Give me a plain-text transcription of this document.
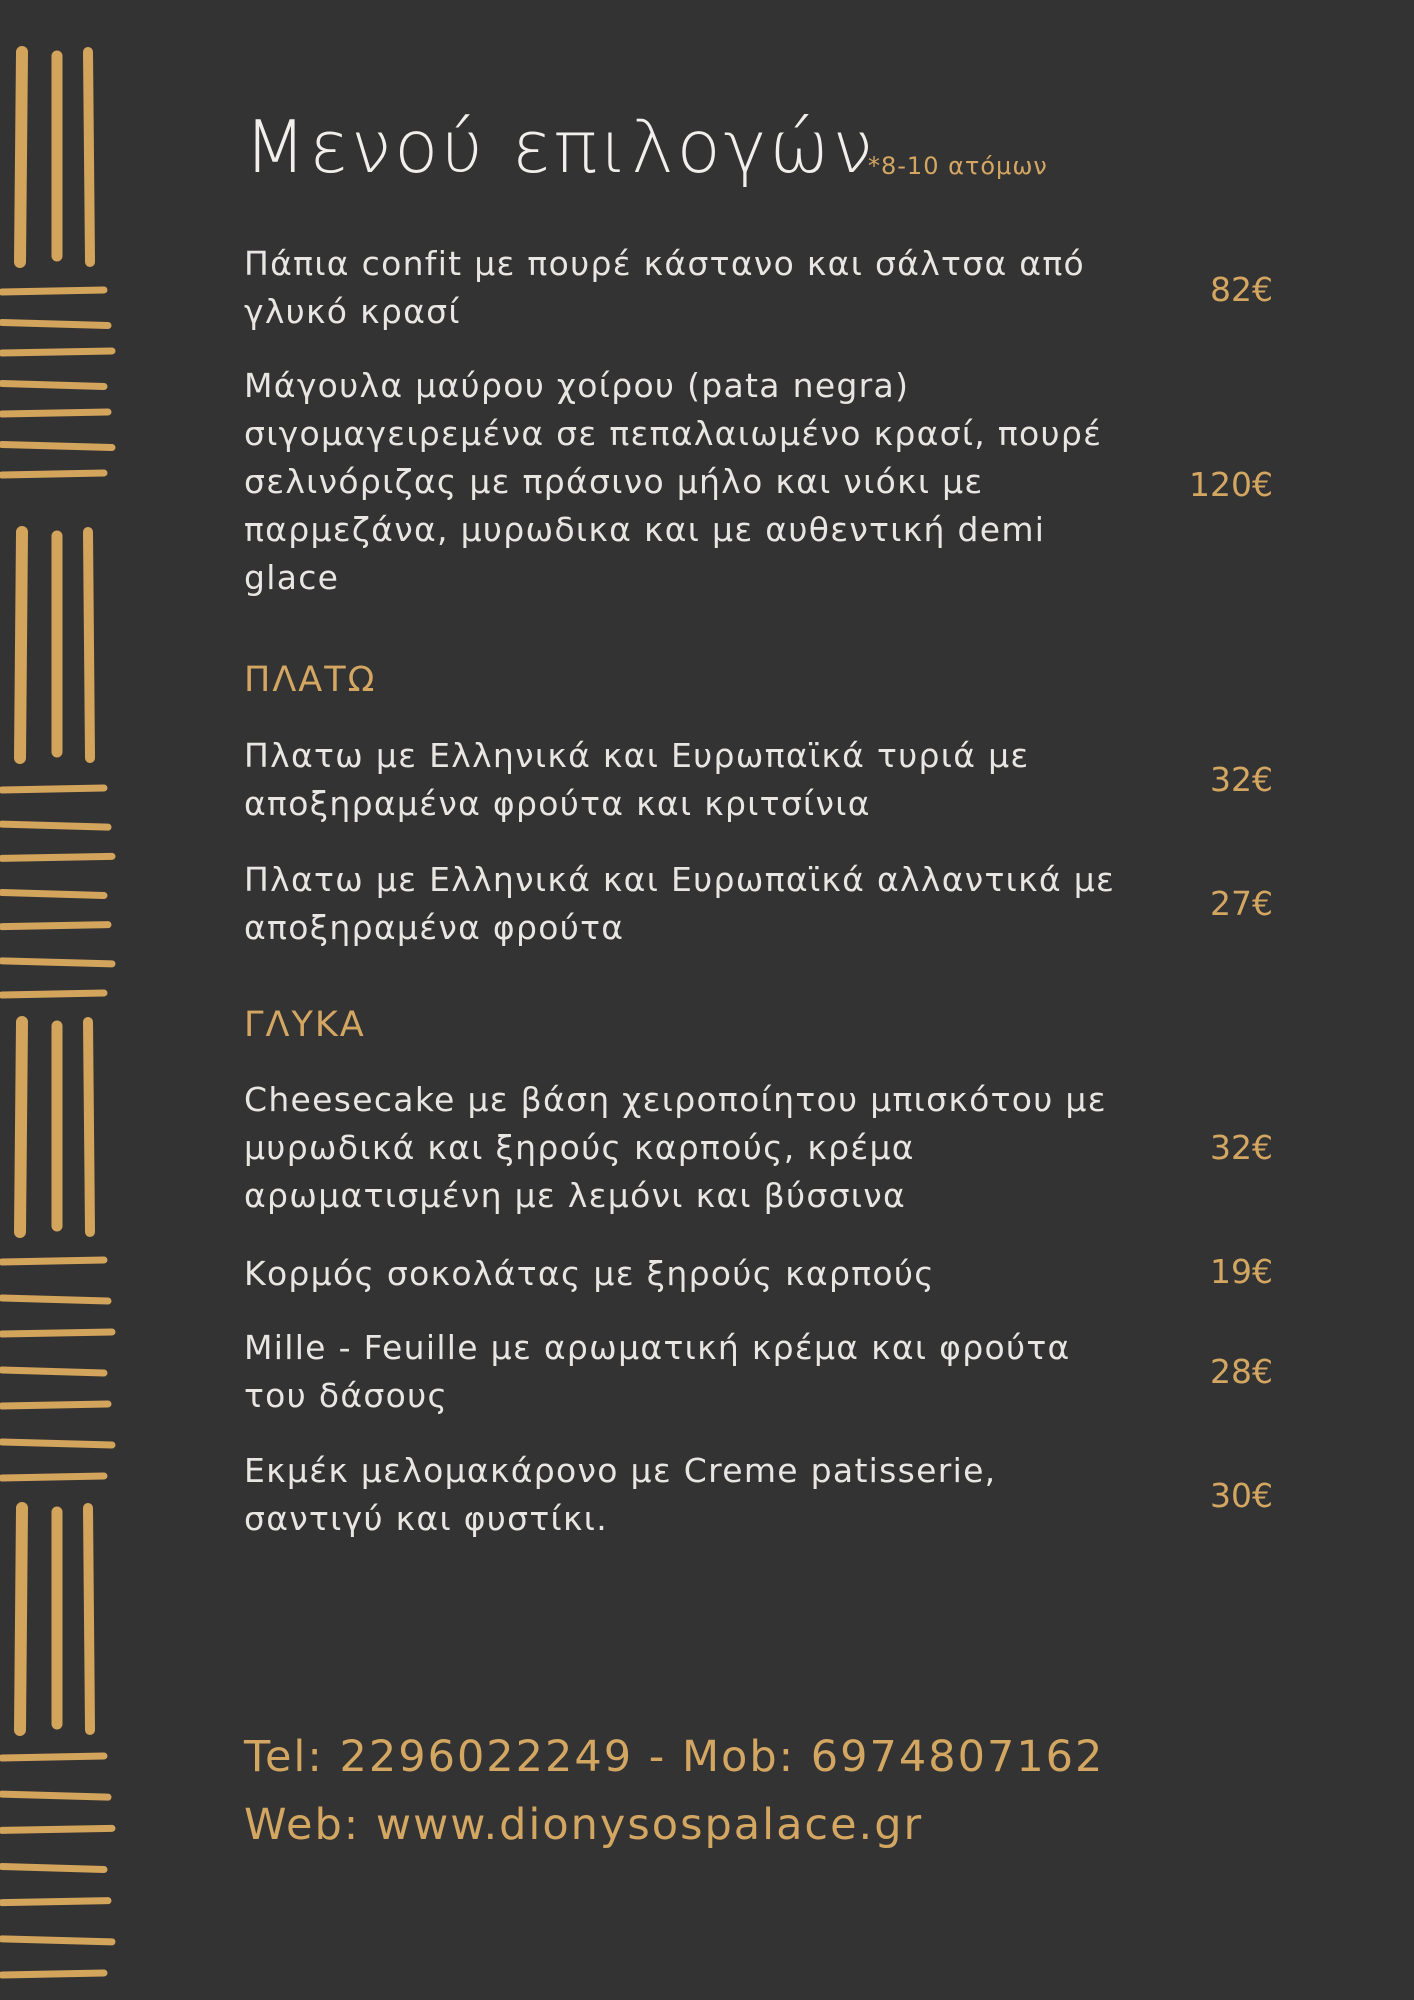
Μενού επιλογών
*8-10 ατόμων
Πάπια confit με πουρέ κάστανο και σάλτσα από γλυκό κρασί
82€
Μάγουλα μαύρου χοίρου (pata negra) σιγομαγειρεμένα σε πεπαλαιωμένο κρασί, πουρέ σελινόριζας με πράσινο μήλο και νιόκι με παρμεζάνα, μυρωδικα και με αυθεντική demi glace
120€
ΠΛΑΤΩ
Πλατω με Ελληνικά και Ευρωπαϊκά τυριά με αποξηραμένα φρούτα και κριτσίνια
32€
Πλατω με Ελληνικά και Ευρωπαϊκά αλλαντικά με αποξηραμένα φρούτα
27€
ΓΛΥΚΑ
Cheesecake με βάση χειροποίητου μπισκότου με μυρωδικά και ξηρούς καρπούς, κρέμα αρωματισμένη με λεμόνι και βύσσινα
32€
Κορμός σοκολάτας με ξηρούς καρπούς	19€
Mille - Feuille με αρωματική κρέμα και φρούτα του δάσους
28€
Εκμέκ μελομακάρονο με Creme patisserie, σαντιγύ και φυστίκι.
30€
Tel: 2296022249 - Mob: 6974807162
Web: www.dionysospalace.gr
